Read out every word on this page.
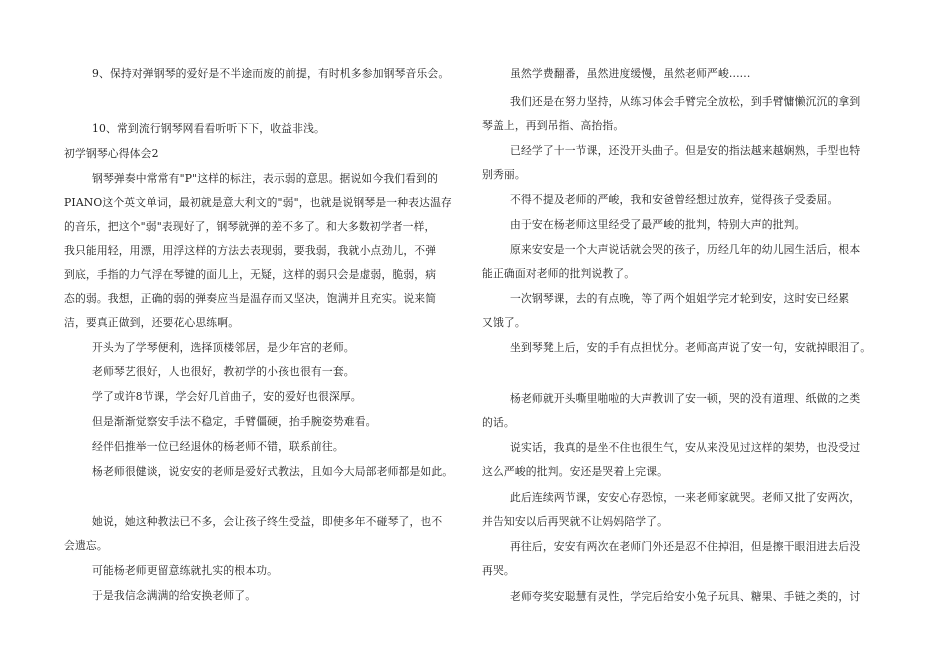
9、保持对弹钢琴的爱好是不半途而废的前提，有时机多参加钢琴音乐会。
10、常到流行钢琴网看看听听下下，收益非浅。
初学钢琴心得体会2
钢琴弹奏中常常有"P"这样的标注，表示弱的意思。据说如今我们看到的
PIANO这个英文单词，最初就是意大利文的"弱"，也就是说钢琴是一种表达温存
的音乐，把这个"弱"表现好了，钢琴就弹的差不多了。和大多数初学者一样，
我只能用轻，用漂，用浮这样的方法去表现弱，要我弱，我就小点劲儿，不弹
到底，手指的力气浮在琴键的面儿上，无疑，这样的弱只会是虚弱，脆弱，病
态的弱。我想，正确的弱的弹奏应当是温存而又坚决，饱满并且充实。说来简
洁，要真正做到，还要花心思练啊。
开头为了学琴便利，选择顶楼邻居，是少年宫的老师。
老师琴艺很好，人也很好，教初学的小孩也很有一套。
学了或许8节课，学会好几首曲子，安的爱好也很深厚。
但是渐渐觉察安手法不稳定，手臂僵硬，抬手腕姿势难看。
经伴侣推举一位已经退休的杨老师不错，联系前往。
杨老师很健谈，说安安的老师是爱好式教法，且如今大局部老师都是如此。
她说，她这种教法已不多，会让孩子终生受益，即使多年不碰琴了，也不
会遗忘。
可能杨老师更留意练就扎实的根本功。
于是我信念满满的给安换老师了。
虽然学费翻番，虽然进度缓慢，虽然老师严峻......
我们还是在努力坚持，从练习体会手臂完全放松，到手臂慵懒沉沉的拿到
琴盖上，再到吊指、高抬指。
已经学了十一节课，还没开头曲子。但是安的指法越来越娴熟，手型也特
别秀丽。
不得不提及老师的严峻，我和安爸曾经想过放弃，觉得孩子受委屈。
由于安在杨老师这里经受了最严峻的批判，特别大声的批判。
原来安安是一个大声说话就会哭的孩子，历经几年的幼儿园生活后，根本
能正确面对老师的批判说教了。
一次钢琴课，去的有点晚，等了两个姐姐学完才轮到安，这时安已经累
又饿了。
坐到琴凳上后，安的手有点担忧分。老师高声说了安一句，安就掉眼泪了。
杨老师就开头嘶里啪啦的大声教训了安一顿，哭的没有道理、纸做的之类
的话。
说实话，我真的是坐不住也很生气，安从来没见过这样的架势，也没受过
这么严峻的批判。安还是哭着上完课。
此后连续两节课，安安心存恐惊，一来老师家就哭。老师又批了安两次，
并告知安以后再哭就不让妈妈陪学了。
再往后，安安有两次在老师门外还是忍不住掉泪，但是擦干眼泪进去后没
再哭。
老师夸奖安聪慧有灵性，学完后给安小兔子玩具、糖果、手链之类的，讨
